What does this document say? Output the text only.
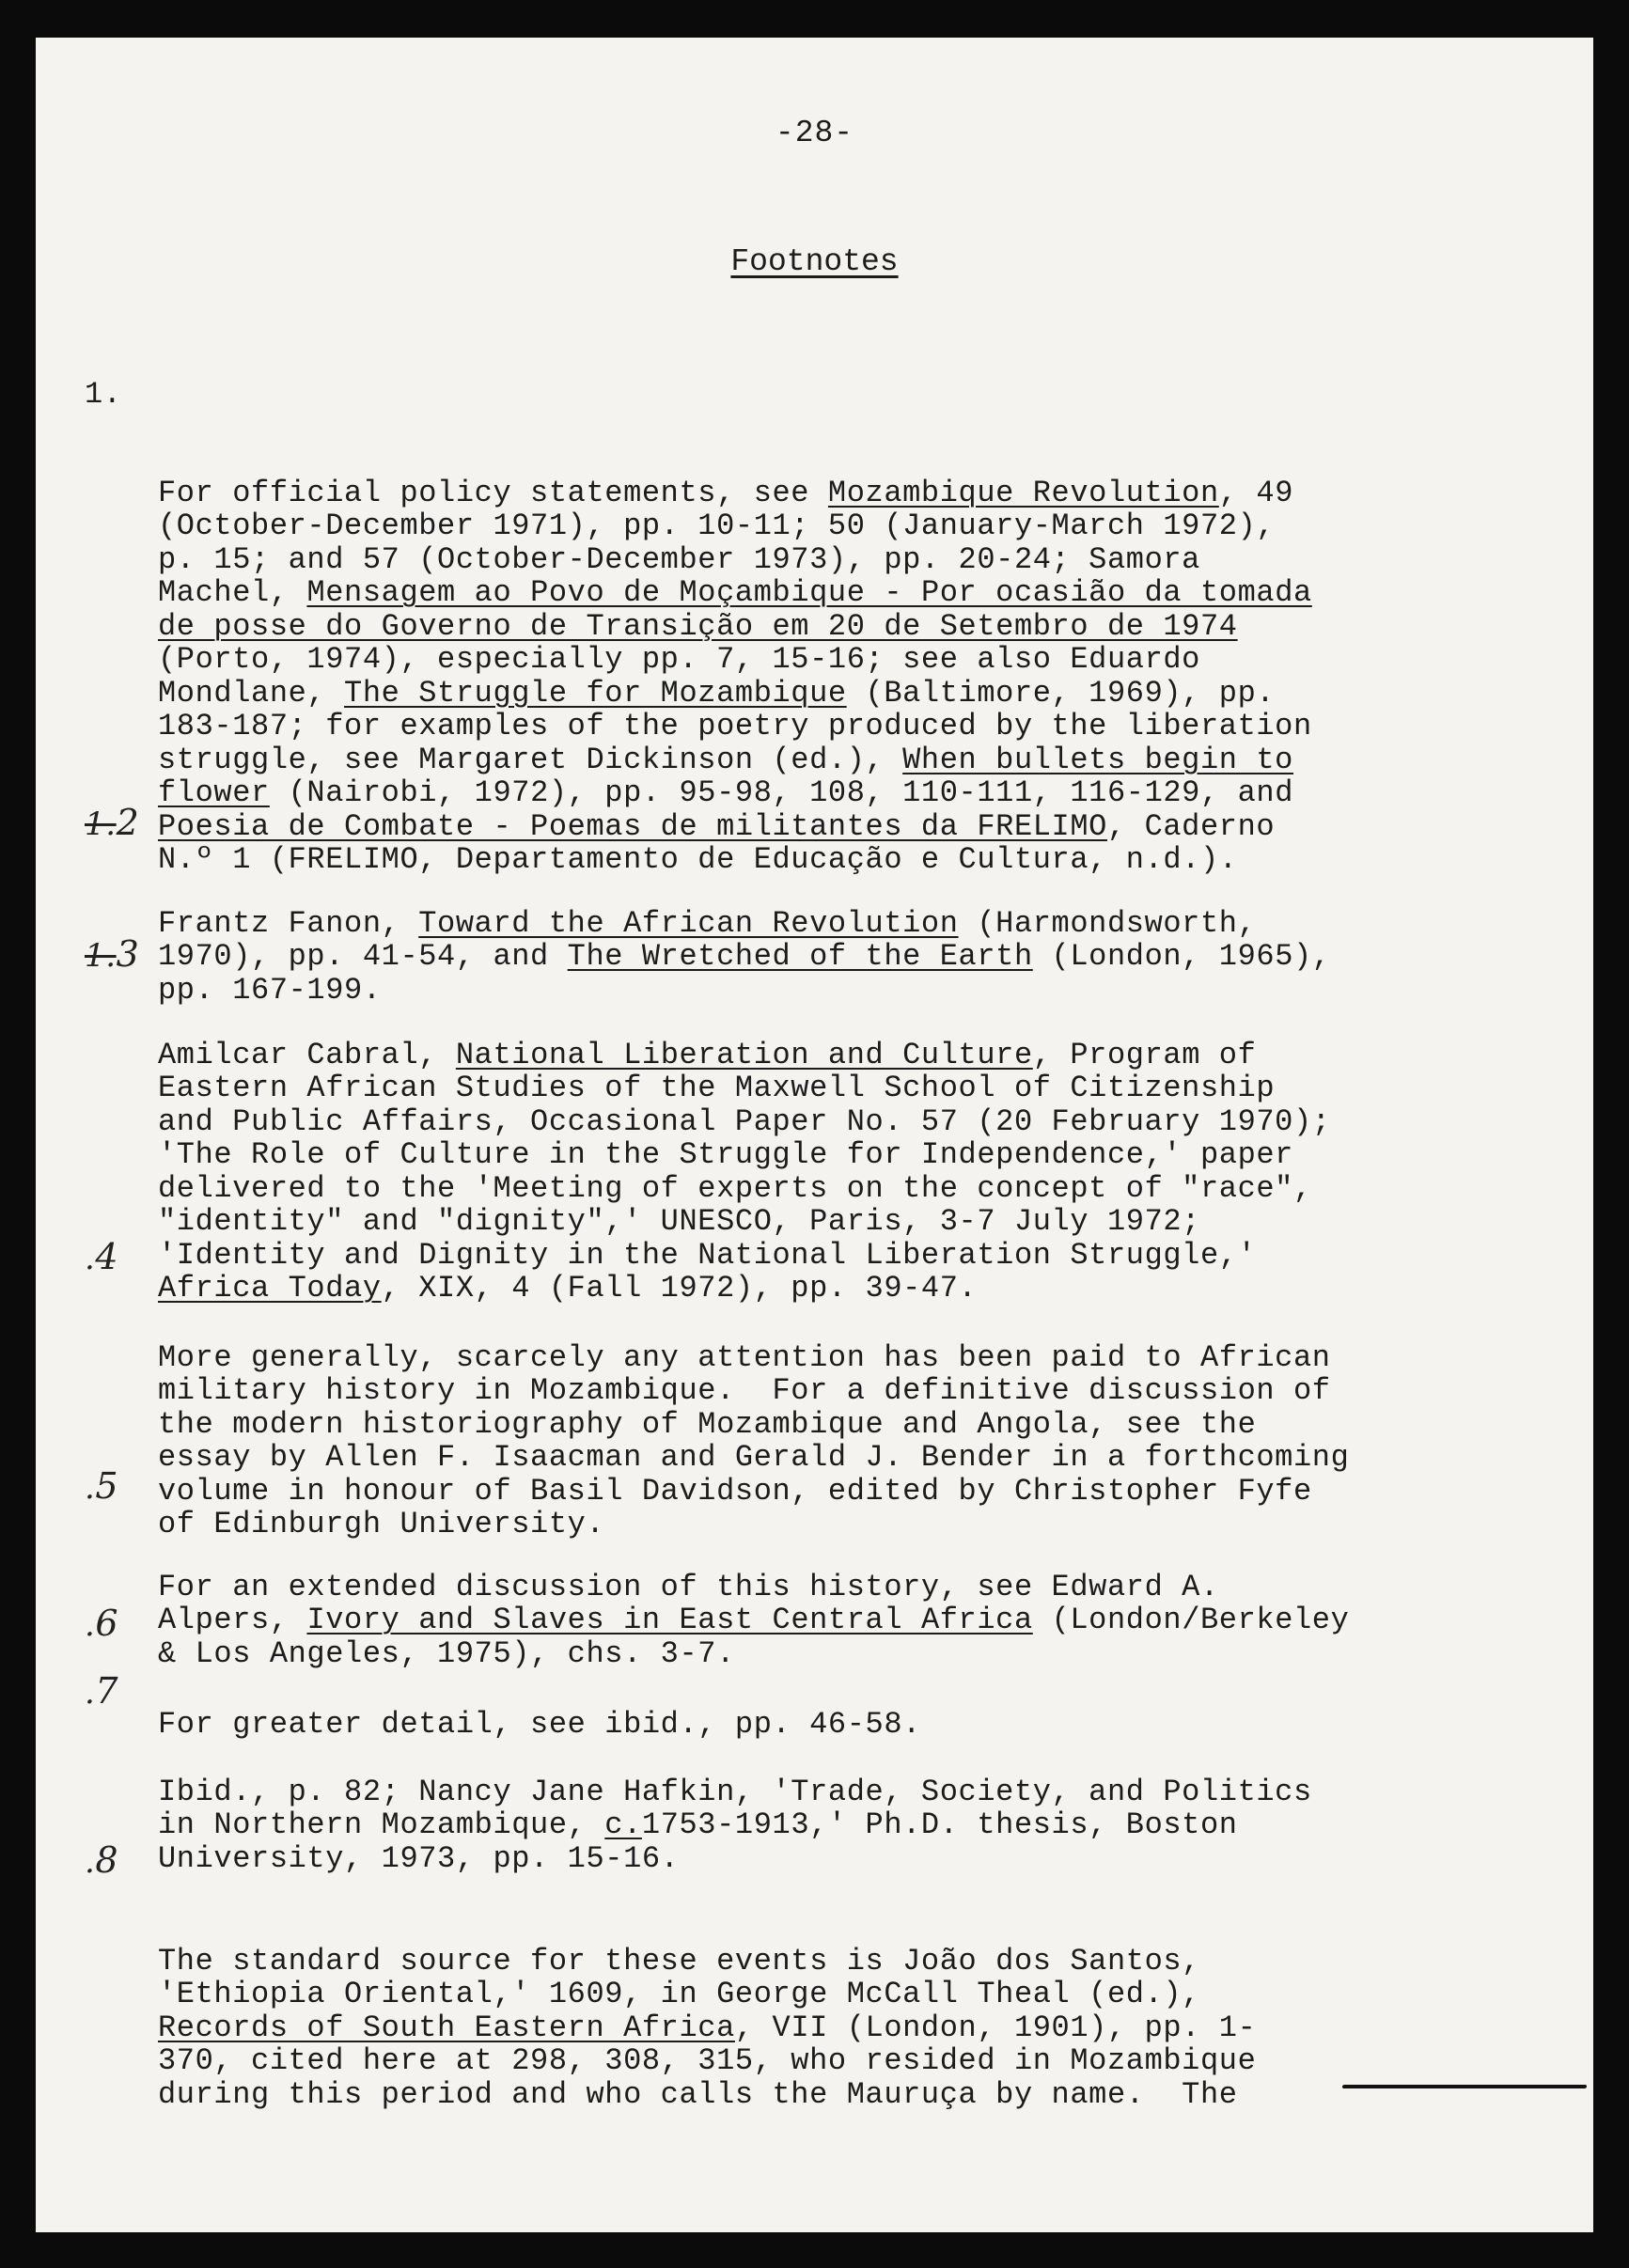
-28-
Footnotes

1.

For official policy statements, see Mozambique Revolution, 49
(October-December 1971), pp. 10-11; 50 (January-March 1972),
p. 15; and 57 (October-December 1973), pp. 20-24; Samora
Machel, Mensagem ao Povo de Moçambique - Por ocasião da tomada
de posse do Governo de Transição em 20 de Setembro de 1974
(Porto, 1974), especially pp. 7, 15-16; see also Eduardo
Mondlane, The Struggle for Mozambique (Baltimore, 1969), pp.
183-187; for examples of the poetry produced by the liberation
struggle, see Margaret Dickinson (ed.), When bullets begin to
flower (Nairobi, 1972), pp. 95-98, 108, 110-111, 116-129, and
Poesia de Combate - Poemas de militantes da FRELIMO, Caderno
N.º 1 (FRELIMO, Departamento de Educação e Cultura, n.d.).

1.2

Frantz Fanon, Toward the African Revolution (Harmondsworth,
1970), pp. 41-54, and The Wretched of the Earth (London, 1965),
pp. 167-199.

1.3

Amilcar Cabral, National Liberation and Culture, Program of
Eastern African Studies of the Maxwell School of Citizenship
and Public Affairs, Occasional Paper No. 57 (20 February 1970);
'The Role of Culture in the Struggle for Independence,' paper
delivered to the 'Meeting of experts on the concept of "race",
"identity" and "dignity",' UNESCO, Paris, 3-7 July 1972;
'Identity and Dignity in the National Liberation Struggle,'
Africa Today, XIX, 4 (Fall 1972), pp. 39-47.

.4

More generally, scarcely any attention has been paid to African
military history in Mozambique.  For a definitive discussion of
the modern historiography of Mozambique and Angola, see the
essay by Allen F. Isaacman and Gerald J. Bender in a forthcoming
volume in honour of Basil Davidson, edited by Christopher Fyfe
of Edinburgh University.

.5

For an extended discussion of this history, see Edward A.
Alpers, Ivory and Slaves in East Central Africa (London/Berkeley
& Los Angeles, 1975), chs. 3-7.

.6

For greater detail, see ibid., pp. 46-58.

.7

Ibid., p. 82; Nancy Jane Hafkin, 'Trade, Society, and Politics
in Northern Mozambique, c.1753-1913,' Ph.D. thesis, Boston
University, 1973, pp. 15-16.

.8

The standard source for these events is João dos Santos,
'Ethiopia Oriental,' 1609, in George McCall Theal (ed.),
Records of South Eastern Africa, VII (London, 1901), pp. 1-
370, cited here at 298, 308, 315, who resided in Mozambique
during this period and who calls the Mauruça by name.  The
